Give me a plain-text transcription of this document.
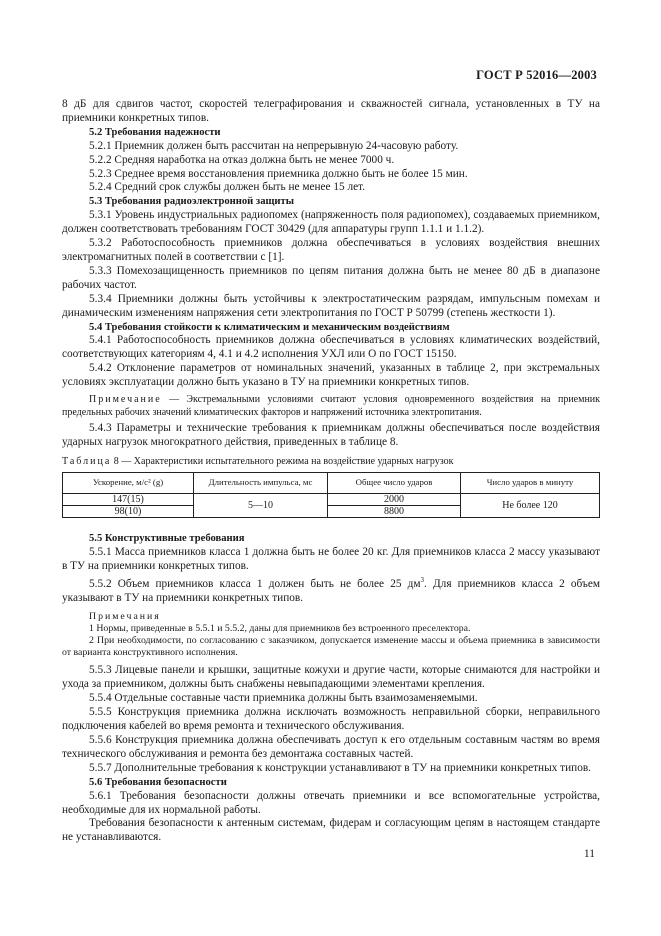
ГОСТ Р 52016—2003

8 дБ для сдвигов частот, скоростей телеграфирования и скважностей сигнала, установленных в ТУ на приемники конкретных типов.

5.2 Требования надежности

5.2.1 Приемник должен быть рассчитан на непрерывную 24-часовую работу.

5.2.2 Средняя наработка на отказ должна быть не менее 7000 ч.

5.2.3 Среднее время восстановления приемника должно быть не более 15 мин.

5.2.4 Средний срок службы должен быть не менее 15 лет.

5.3 Требования радиоэлектронной защиты

5.3.1 Уровень индустриальных радиопомех (напряженность поля радиопомех), создаваемых приемником, должен соответствовать требованиям ГОСТ 30429 (для аппаратуры групп 1.1.1 и 1.1.2).

5.3.2 Работоспособность приемников должна обеспечиваться в условиях воздействия внешних электромагнитных полей в соответствии с [1].

5.3.3 Помехозащищенность приемников по цепям питания должна быть не менее 80 дБ в диапазоне рабочих частот.

5.3.4 Приемники должны быть устойчивы к электростатическим разрядам, импульсным помехам и динамическим изменениям напряжения сети электропитания по ГОСТ Р 50799 (степень жесткости 1).

5.4 Требования стойкости к климатическим и механическим воздействиям

5.4.1 Работоспособность приемников должна обеспечиваться в условиях климатических воздействий, соответствующих категориям 4, 4.1 и 4.2 исполнения УХЛ или О по ГОСТ 15150.

5.4.2 Отклонение параметров от номинальных значений, указанных в таблице 2, при экстремальных условиях эксплуатации должно быть указано в ТУ на приемники конкретных типов.

Примечание — Экстремальными условиями считают условия одновременного воздействия на приемник предельных рабочих значений климатических факторов и напряжений источника электропитания.

5.4.3 Параметры и технические требования к приемникам должны обеспечиваться после воздействия ударных нагрузок многократного действия, приведенных в таблице 8.

Таблица 8 — Характеристики испытательного режима на воздействие ударных нагрузок

Ускорение, м/с² (g)	Длительность импульса, мс	Общее число ударов	Число ударов в минуту
147(15)	5—10	2000	Не более 120
98(10)		8800	

5.5 Конструктивные требования

5.5.1 Масса приемников класса 1 должна быть не более 20 кг. Для приемников класса 2 массу указывают в ТУ на приемники конкретных типов.

5.5.2 Объем приемников класса 1 должен быть не более 25 $дм^3$. Для приемников класса 2 объем указывают в ТУ на приемники конкретных типов.

Примечания

1 Нормы, приведенные в 5.5.1 и 5.5.2, даны для приемников без встроенного преселектора.

2 При необходимости, по согласованию с заказчиком, допускается изменение массы и объема приемника в зависимости от варианта конструктивного исполнения.

5.5.3 Лицевые панели и крышки, защитные кожухи и другие части, которые снимаются для настройки и ухода за приемником, должны быть снабжены невыпадающими элементами крепления.

5.5.4 Отдельные составные части приемника должны быть взаимозаменяемыми.

5.5.5 Конструкция приемника должна исключать возможность неправильной сборки, неправильного подключения кабелей во время ремонта и технического обслуживания.

5.5.6 Конструкция приемника должна обеспечивать доступ к его отдельным составным частям во время технического обслуживания и ремонта без демонтажа составных частей.

5.5.7 Дополнительные требования к конструкции устанавливают в ТУ на приемники конкретных типов.

5.6 Требования безопасности

5.6.1 Требования безопасности должны отвечать приемники и все вспомогательные устройства, необходимые для их нормальной работы.

Требования безопасности к антенным системам, фидерам и согласующим цепям в настоящем стандарте не устанавливаются.

11
